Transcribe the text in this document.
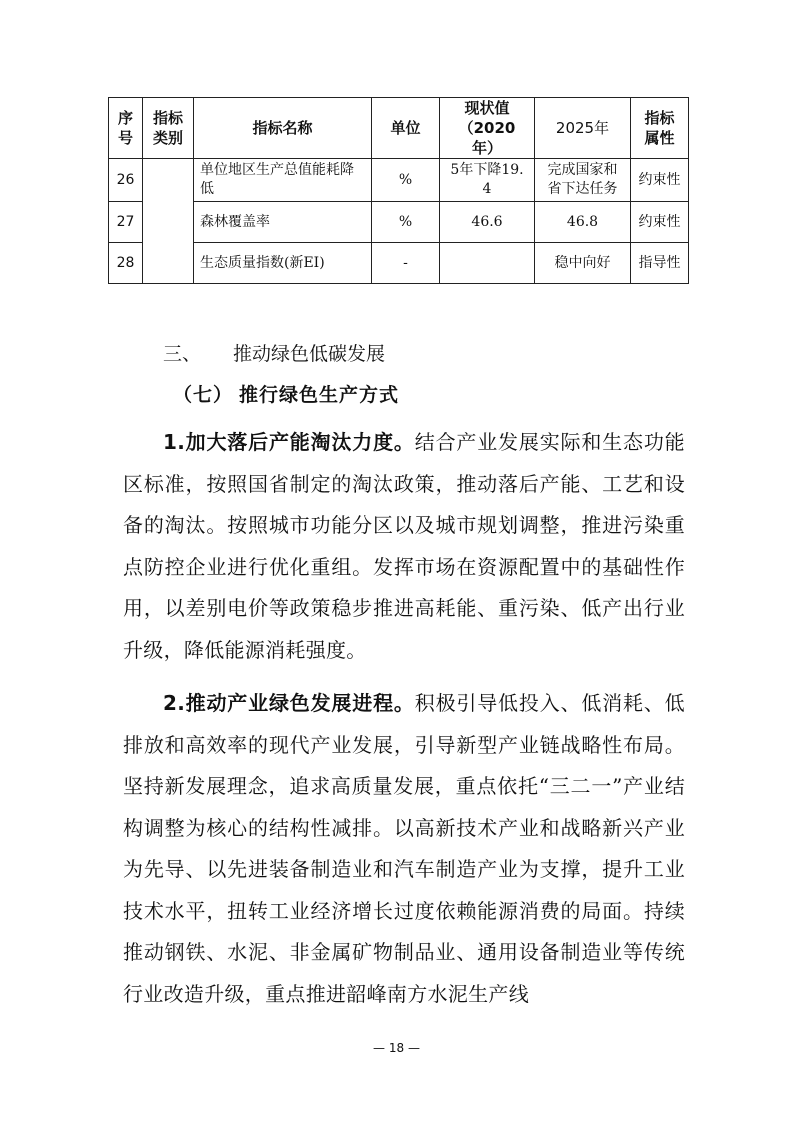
序号	指标类别	指标名称	单位	现状值（2020年）	2025年	指标属性
26		单位地区生产总值能耗降低	%	5年下降19.4	完成国家和省下达任务	约束性
27		森林覆盖率	%	46.6	46.8	约束性
28		生态质量指数(新EI)	-		稳中向好	指导性
三、 推动绿色低碳发展
（七） 推行绿色生产方式

1.加大落后产能淘汰力度。结合产业发展实际和生态功能区标准，按照国省制定的淘汰政策，推动落后产能、工艺和设备的淘汰。按照城市功能分区以及城市规划调整，推进污染重点防控企业进行优化重组。发挥市场在资源配置中的基础性作用，以差别电价等政策稳步推进高耗能、重污染、低产出行业升级，降低能源消耗强度。

2.推动产业绿色发展进程。积极引导低投入、低消耗、低排放和高效率的现代产业发展，引导新型产业链战略性布局。坚持新发展理念，追求高质量发展，重点依托“三二一”产业结构调整为核心的结构性减排。以高新技术产业和战略新兴产业为先导、以先进装备制造业和汽车制造产业为支撑，提升工业技术水平，扭转工业经济增长过度依赖能源消费的局面。持续推动钢铁、水泥、非金属矿物制品业、通用设备制造业等传统行业改造升级，重点推进韶峰南方水泥生产线

— 18 —
